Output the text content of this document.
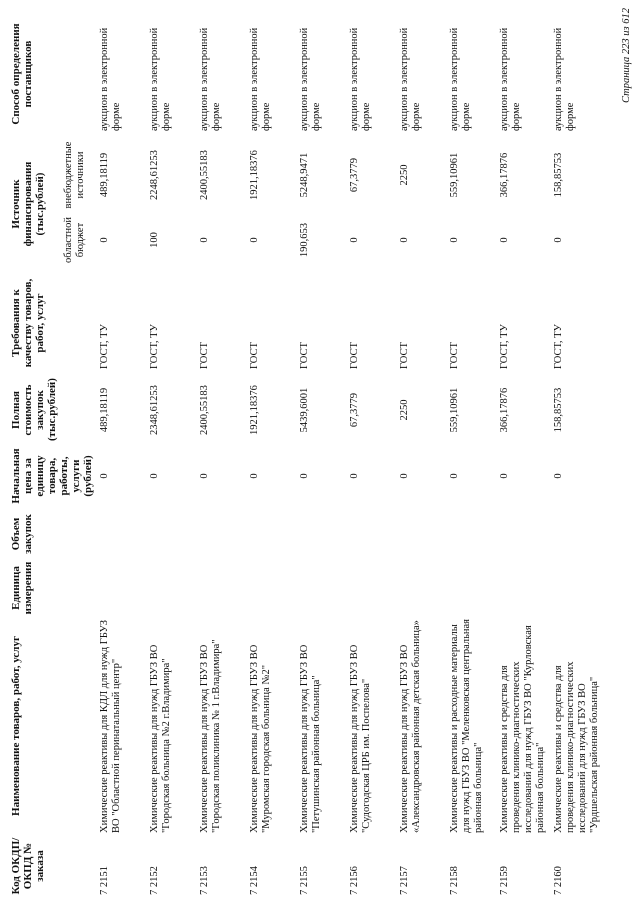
Код ОКДП/ ОКПД № заказа	Наименование товаров, работ, услуг	Единица измерения	Объем закупок	Начальная цена за единицу товара, работы, услуги (рублей)	Полная стоимость закупок (тыс.рублей)	Требования к качеству товаров, работ, услуг	Источник финансирования (тыс.рублей)		Способ определения поставщиков
							областной бюджет	внебюджетные источники	
7 2151	Химические реактивы для КДЛ для нужд ГБУЗ ВО "Областной перинатальный центр"			0	489,18119	ГОСТ, ТУ	0	489,18119	аукцион в электронной форме
7 2152	Химические реактивы для нужд ГБУЗ ВО "Городская больница №2 г.Владимира"			0	2348,61253	ГОСТ, ТУ	100	2248,61253	аукцион в электронной форме
7 2153	Химические реактивы для нужд ГБУЗ ВО "Городская поликлиника № 1 г.Владимира"			0	2400,55183	ГОСТ	0	2400,55183	аукцион в электронной форме
7 2154	Химические реактивы для нужд ГБУЗ ВО "Муромская городская больница №2"			0	1921,18376	ГОСТ	0	1921,18376	аукцион в электронной форме
7 2155	Химические реактивы для нужд ГБУЗ ВО "Петушинская районная больница"			0	5439,6001	ГОСТ	190,653	5248,9471	аукцион в электронной форме
7 2156	Химические реактивы для нужд ГБУЗ ВО "Судогодская ЦРБ им. Поспелова"			0	67,3779	ГОСТ	0	67,3779	аукцион в электронной форме
7 2157	Химические реактивы для нужд ГБУЗ ВО «Александровская районная детская больница»			0	2250	ГОСТ	0	2250	аукцион в электронной форме
7 2158	Химические реактивы и расходные материалы для нужд ГБУЗ ВО "Меленковская центральная районная больница"			0	559,10961	ГОСТ	0	559,10961	аукцион в электронной форме
7 2159	Химические реактивы и средства для проведения клинико-диагностических исследований для нужд ГБУЗ ВО "Курловская районная больница"			0	366,17876	ГОСТ, ТУ	0	366,17876	аукцион в электронной форме
7 2160	Химические реактивы и средства для проведения клинико-диагностических исследований для нужд ГБУЗ ВО "Урдшельская районная больница"			0	158,85753	ГОСТ, ТУ	0	158,85753	аукцион в электронной форме
Страница 223 из 612
